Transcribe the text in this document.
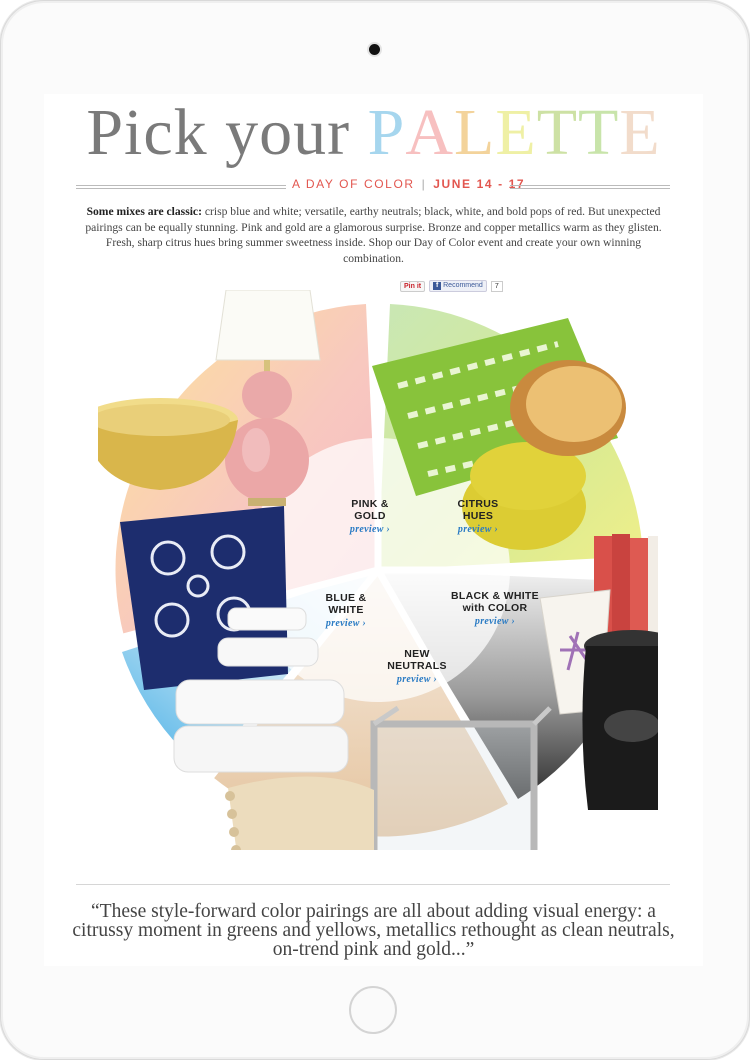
Pick your PALETTE
A DAY OF COLOR | JUNE 14 - 17
Some mixes are classic: crisp blue and white; versatile, earthy neutrals; black, white, and bold pops of red. But unexpected pairings can be equally stunning. Pink and gold are a glamorous surprise. Bronze and copper metallics warm as they glisten. Fresh, sharp citrus hues bring summer sweetness inside. Shop our Day of Color event and create your own winning combination.
Pin it	f Recommend	7
PINK &
GOLD
preview ›
CITRUS
HUES
preview ›
BLACK & WHITE
with COLOR
preview ›
NEW
NEUTRALS
preview ›
BLUE &
WHITE
preview ›
“These style-forward color pairings are all about adding visual energy: a citrussy moment in greens and yellows, metallics rethought as clean neutrals, on-trend pink and gold...”
